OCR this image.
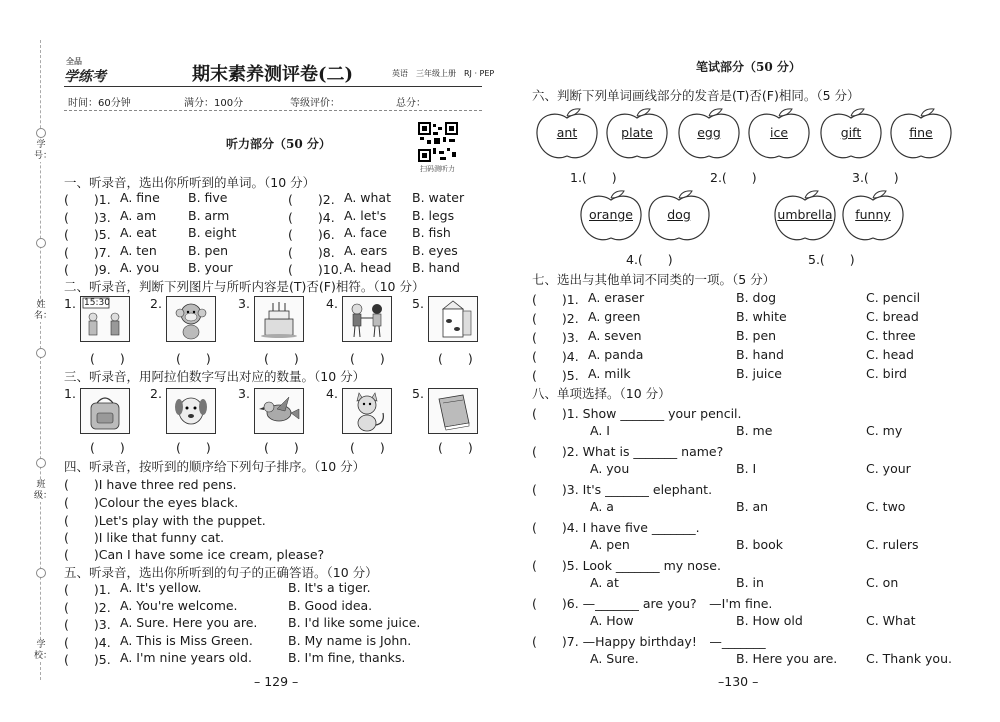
学号：
姓名：
班级：
学校：
全品
学练考	期末素养测评卷(二)	英语　三年级上册　RJ · PEP
时间：60分钟	满分：100分	等级评价：	总分：
扫码测听力
听力部分（50 分）
一、听录音，选出你所听到的单词。（10 分）
(　　)1. A. fine B. five	(　　)2. A. what B. water
(　　)3. A. am	B. arm	(　　)4. A. let's B. legs
(　　)5. A. eat	B. eight	(　　)6. A. face B. fish
(　　)7. A. ten B. pen	(　　)8. A. ears B. eyes
(　　)9. A. you B. your	(　　)10. A. head B. hand
二、听录音，判断下列图片与所听内容是(T)否(F)相符。（10 分）
1.	2.	3.	4.	5.
15:30
(　　)	(　　)	(　　)	(　　)	(　　)
三、听录音，用阿拉伯数字写出对应的数量。（10 分）
1.	2.	3.	4.	5.
(　　)	(　　)	(　　)	(　　)	(　　)
四、听录音，按听到的顺序给下列句子排序。（10 分）
(　　)I have three red pens.
(　　)Colour the eyes black.
(　　)Let's play with the puppet.
(　　)I like that funny cat.
(　　)Can I have some ice cream, please?
五、听录音，选出你所听到的句子的正确答语。（10 分）
(　　)1. A. It's yellow.	B. It's a tiger.
(　　)2. A. You're welcome.	B. Good idea.
(　　)3. A. Sure. Here you are. B. I'd like some juice.
(　　)4. A. This is Miss Green.	B. My name is John.
(　　)5. A. I'm nine years old.	B. I'm fine, thanks.
– 129 –
笔试部分（50 分）
六、判断下列单词画线部分的发音是(T)否(F)相同。（5 分）
ant	plate	egg	ice	gift	fine
orange	dog	umbrella	funny
1.(　　)	2.(　　)	3.(　　)
4.(　　)	5.(　　)
七、选出与其他单词不同类的一项。（5 分）
(　　)1. A. eraser	B. dog	C. pencil
(　　)2. A. green	B. white	C. bread
(　　)3. A. seven	B. pen	C. three
(　　)4. A. panda	B. hand	C. head
(　　)5. A. milk	B. juice	C. bird
八、单项选择。（10 分）
(　　)1. Show _______ your pencil.
A. I	B. me	C. my
(　　)2. What is _______ name?
A. you	B. I	C. your
(　　)3. It's _______ elephant.
A. a	B. an	C. two
(　　)4. I have five _______.
A. pen	B. book	C. rulers
(　　)5. Look _______ my nose.
A. at	B. in	C. on
(　　)6. —_______ are you?　—I'm fine.
A. How	B. How old	C. What
(　　)7. —Happy birthday!　—_______
A. Sure.	B. Here you are. C. Thank you.
–130 –
